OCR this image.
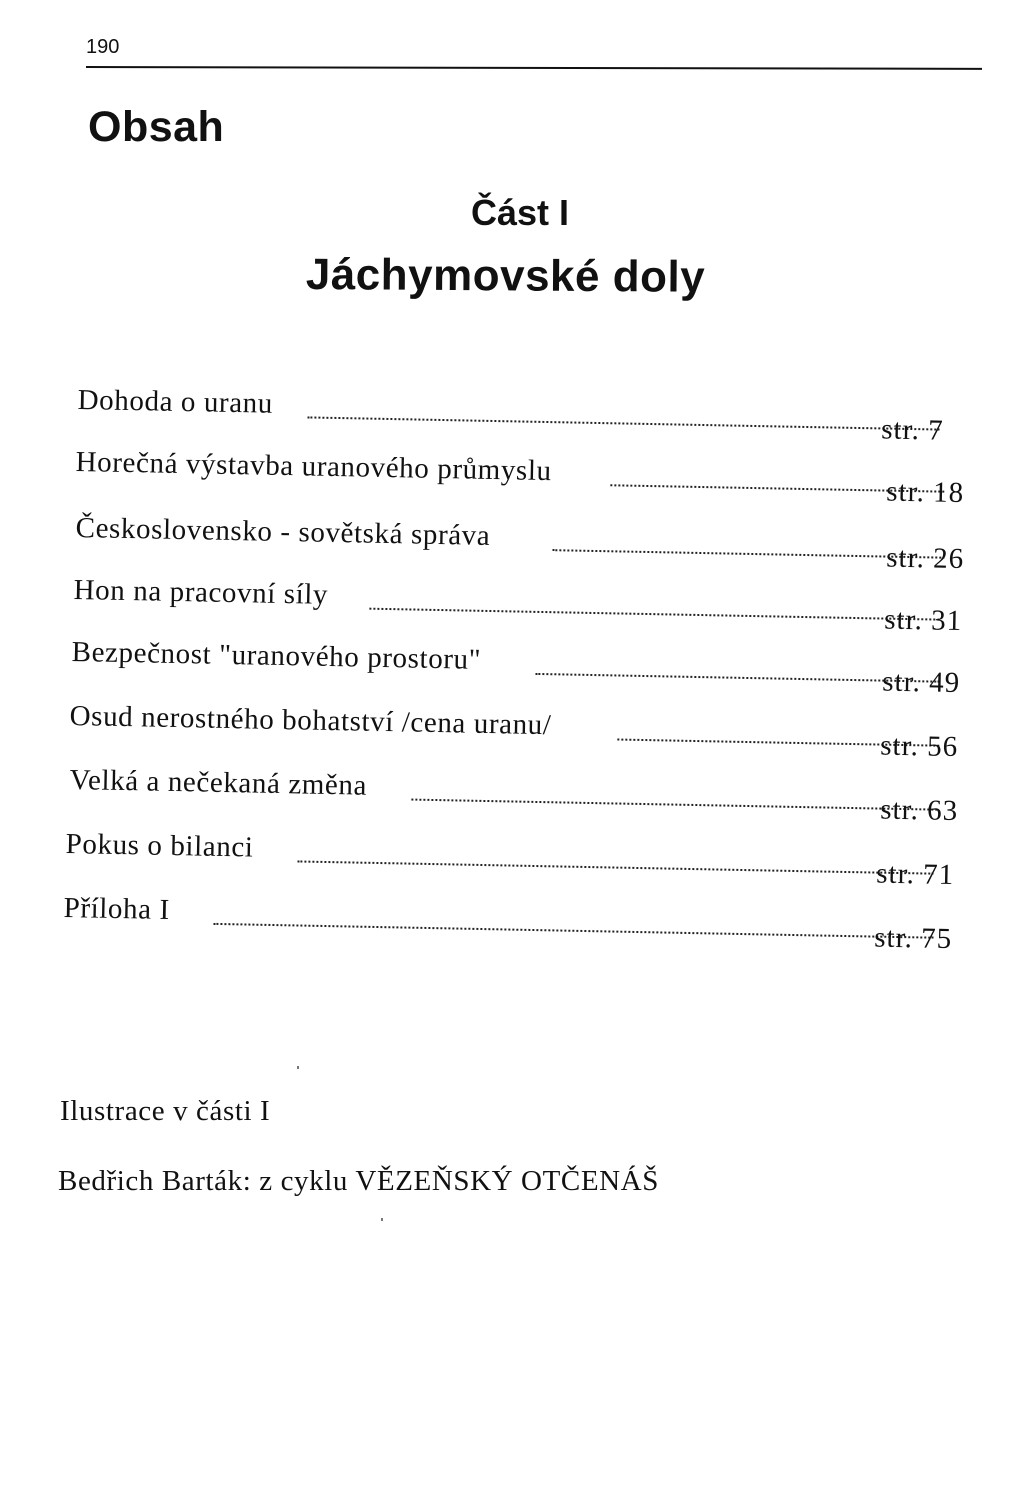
190
Obsah
Část I
Jáchymovské doly
Dohoda o uranu
str. 7
Horečná výstavba uranového průmyslu
str. 18
Československo - sovětská správa
str. 26
Hon na pracovní síly
str. 31
Bezpečnost "uranového prostoru"
str. 49
Osud nerostného bohatství /cena uranu/
str. 56
Velká a nečekaná změna
str. 63
Pokus o bilanci
str. 71
Příloha I
str. 75
Ilustrace v části I
Bedřich Barták: z cyklu VĚZEŇSKÝ OTČENÁŠ
